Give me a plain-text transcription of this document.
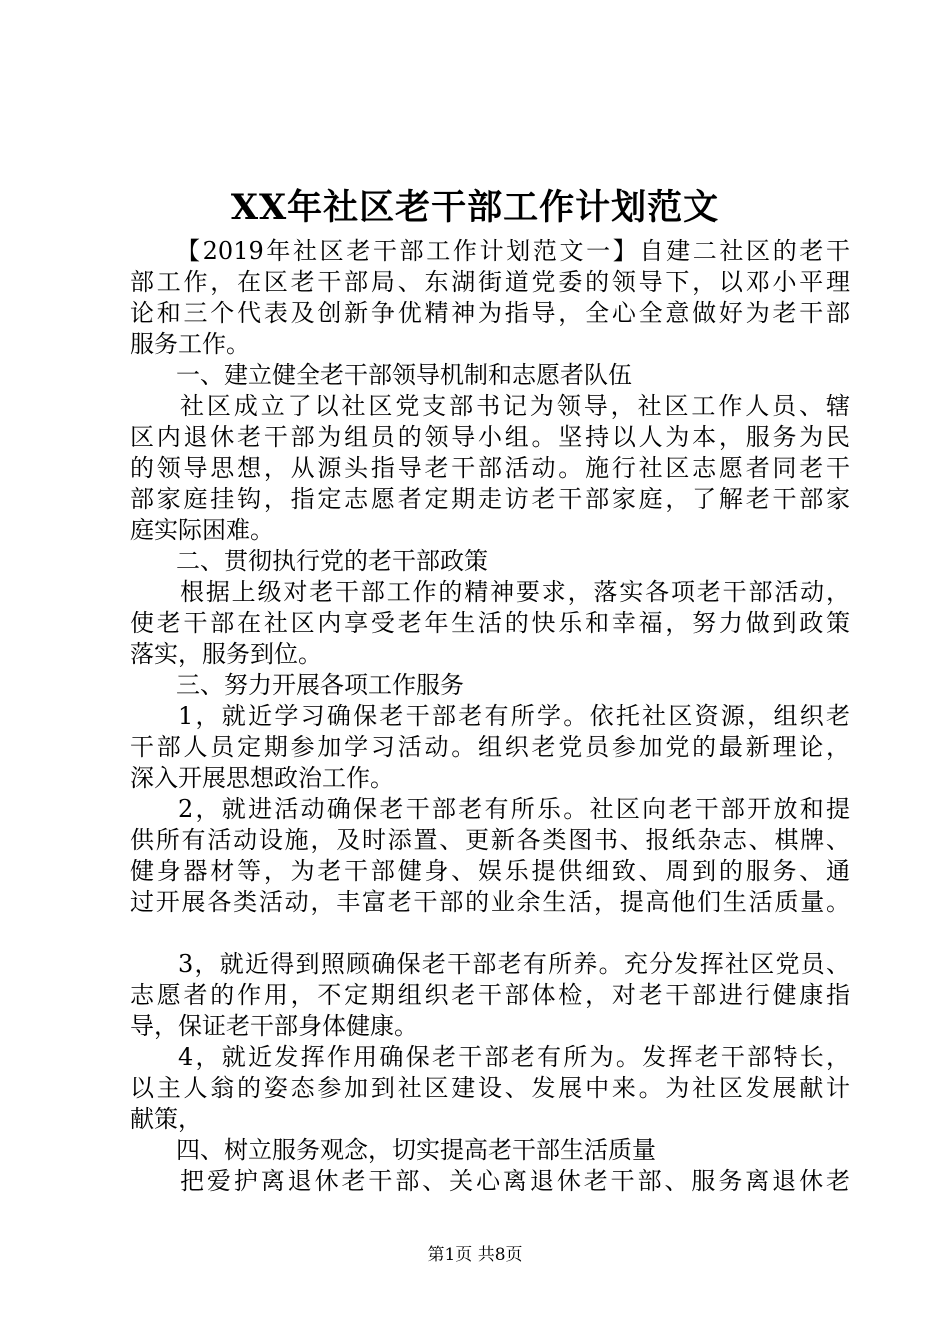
XX年社区老干部工作计划范文
【2019年社区老干部工作计划范文一】自建二社区的老干
部工作，在区老干部局、东湖街道党委的领导下，以邓小平理
论和三个代表及创新争优精神为指导，全心全意做好为老干部
服务工作。
一、建立健全老干部领导机制和志愿者队伍
社区成立了以社区党支部书记为领导，社区工作人员、辖
区内退休老干部为组员的领导小组。坚持以人为本，服务为民
的领导思想，从源头指导老干部活动。施行社区志愿者同老干
部家庭挂钩，指定志愿者定期走访老干部家庭，了解老干部家
庭实际困难。
二、贯彻执行党的老干部政策
根据上级对老干部工作的精神要求，落实各项老干部活动，
使老干部在社区内享受老年生活的快乐和幸福，努力做到政策
落实，服务到位。
三、努力开展各项工作服务
1，就近学习确保老干部老有所学。依托社区资源，组织老
干部人员定期参加学习活动。组织老党员参加党的最新理论，
深入开展思想政治工作。
2，就进活动确保老干部老有所乐。社区向老干部开放和提
供所有活动设施，及时添置、更新各类图书、报纸杂志、棋牌、
健身器材等，为老干部健身、娱乐提供细致、周到的服务、通
过开展各类活动，丰富老干部的业余生活，提高他们生活质量。
3，就近得到照顾确保老干部老有所养。充分发挥社区党员、
志愿者的作用，不定期组织老干部体检，对老干部进行健康指
导，保证老干部身体健康。
4，就近发挥作用确保老干部老有所为。发挥老干部特长，
以主人翁的姿态参加到社区建设、发展中来。为社区发展献计
献策，
四、树立服务观念，切实提高老干部生活质量
把爱护离退休老干部、关心离退休老干部、服务离退休老
第1页 共8页
